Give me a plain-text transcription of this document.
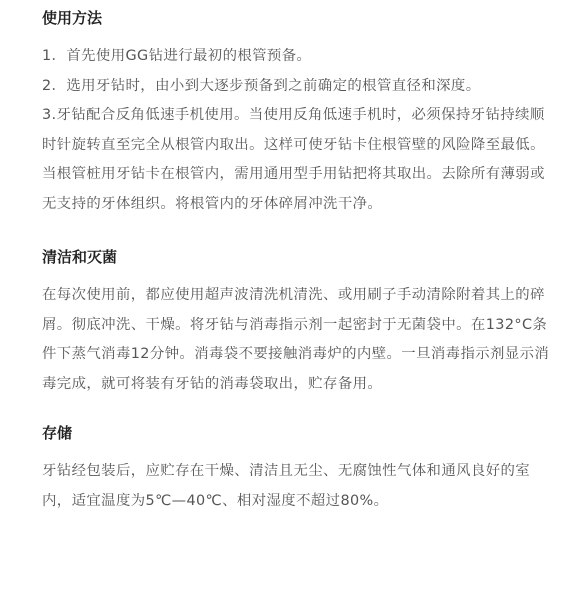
使用方法

1．首先使用GG钻进行最初的根管预备。

2．选用牙钻时，由小到大逐步预备到之前确定的根管直径和深度。

3.牙钻配合反角低速手机使用。当使用反角低速手机时，必须保持牙钻持续顺时针旋转直至完全从根管内取出。这样可使牙钻卡住根管壁的风险降至最低。当根管桩用牙钻卡在根管内，需用通用型手用钻把将其取出。去除所有薄弱或无支持的牙体组织。将根管内的牙体碎屑冲洗干净。

清洁和灭菌

在每次使用前，都应使用超声波清洗机清洗、或用刷子手动清除附着其上的碎屑。彻底冲洗、干燥。将牙钻与消毒指示剂一起密封于无菌袋中。在132°C条件下蒸气消毒12分钟。消毒袋不要接触消毒炉的内壁。一旦消毒指示剂显示消毒完成，就可将装有牙钻的消毒袋取出，贮存备用。

存储

牙钻经包装后，应贮存在干燥、清洁且无尘、无腐蚀性气体和通风良好的室内，适宜温度为5℃—40℃、相对湿度不超过80%。
